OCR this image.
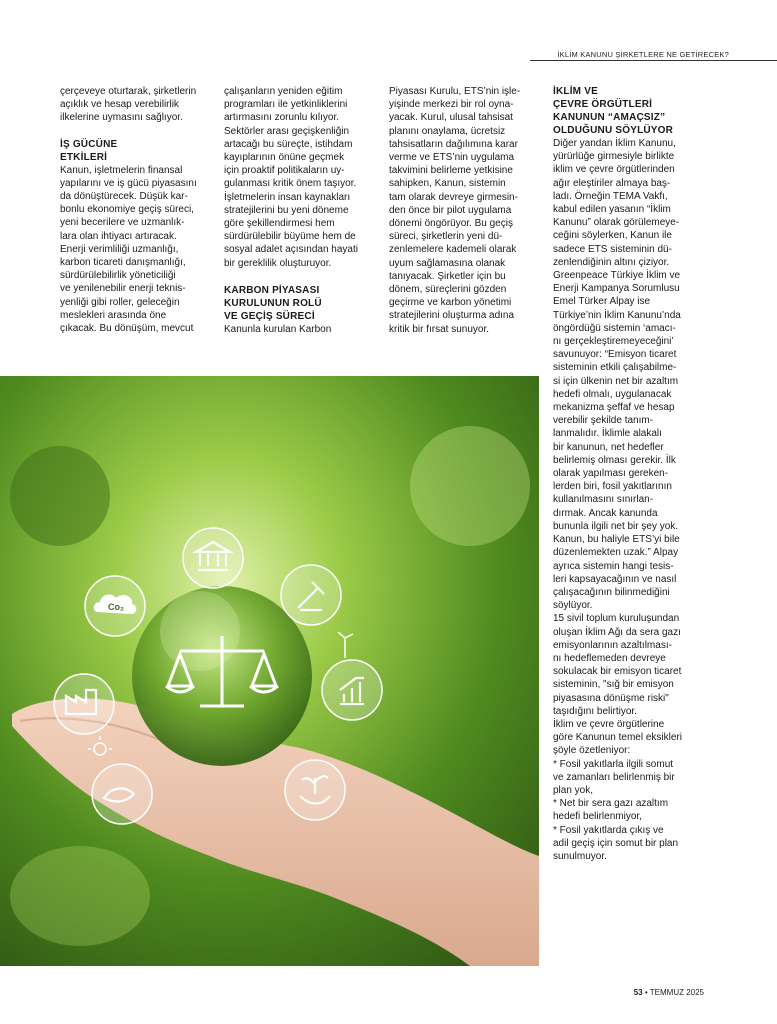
İKLİM KANUNU ŞİRKETLERE NE GETİRECEK?

çerçeveye oturtarak, şirketlerin

açıklık ve hesap verebilirlik

ilkelerine uymasını sağlıyor.

İŞ GÜCÜNE

ETKİLERİ

Kanun, işletmelerin finansal

yapılarını ve iş gücü piyasasını

da dönüştürecek. Düşük kar-

bonlu ekonomiye geçiş süreci,

yeni becerilere ve uzmanlık-

lara olan ihtiyacı artıracak.

Enerji verimliliği uzmanlığı,

karbon ticareti danışmanlığı,

sürdürülebilirlik yöneticiliği

ve yenilenebilir enerji teknis-

yenliği gibi roller, geleceğin

meslekleri arasında öne

çıkacak. Bu dönüşüm, mevcut

çalışanların yeniden eğitim

programları ile yetkinliklerini

artırmasını zorunlu kılıyor.

Sektörler arası geçişkenliğin

artacağı bu süreçte, istihdam

kayıplarının önüne geçmek

için proaktif politikaların uy-

gulanması kritik önem taşıyor.

İşletmelerin insan kaynakları

stratejilerini bu yeni döneme

göre şekillendirmesi hem

sürdürülebilir büyüme hem de

sosyal adalet açısından hayati

bir gereklilik oluşturuyor.

KARBON PİYASASI

KURULUNUN ROLÜ

VE GEÇİŞ SÜRECİ

Kanunla kurulan Karbon

Piyasası Kurulu, ETS’nin işle-

yişinde merkezi bir rol oyna-

yacak. Kurul, ulusal tahsisat

planını onaylama, ücretsiz

tahsisatların dağılımına karar

verme ve ETS’nin uygulama

takvimini belirleme yetkisine

sahipken, Kanun, sistemin

tam olarak devreye girmesin-

den önce bir pilot uygulama

dönemi öngörüyor. Bu geçiş

süreci, şirketlerin yeni dü-

zenlemelere kademeli olarak

uyum sağlamasına olanak

tanıyacak. Şirketler için bu

dönem, süreçlerini gözden

geçirme ve karbon yönetimi

stratejilerini oluşturma adına

kritik bir fırsat sunuyor.

İKLİM VE

ÇEVRE ÖRGÜTLERİ

KANUNUN “AMAÇSIZ”

OLDUĞUNU SÖYLÜYOR

Diğer yandan İklim Kanunu,

yürürlüğe girmesiyle birlikte

iklim ve çevre örgütlerinden

ağır eleştiriler almaya baş-

ladı. Örneğin TEMA Vakfı,

kabul edilen yasanın “İklim

Kanunu” olarak görülemeye-

ceğini söylerken, Kanun ile

sadece ETS sisteminin dü-

zenlendiğinin altını çiziyor.

Greenpeace Türkiye İklim ve

Enerji Kampanya Sorumlusu

Emel Türker Alpay ise

Türkiye’nin İklim Kanunu’nda

öngördüğü sistemin ‘amacı-

nı gerçekleştiremeyeceğini’

savunuyor: “Emisyon ticaret

sisteminin etkili çalışabilme-

si için ülkenin net bir azaltım

hedefi olmalı, uygulanacak

mekanizma şeffaf ve hesap

verebilir şekilde tanım-

lanmalıdır. İklimle alakalı

bir kanunun, net hedefler

belirlemiş olması gerekir. İlk

olarak yapılması gereken-

lerden biri, fosil yakıtlarının

kullanılmasını sınırlan-

dırmak. Ancak kanunda

bununla ilgili net bir şey yok.

Kanun, bu haliyle ETS’yi bile

düzenlemekten uzak.” Alpay

ayrıca sistemin hangi tesis-

leri kapsayacağının ve nasıl

çalışacağının bilinmediğini

söylüyor.

15 sivil toplum kuruluşundan

oluşan İklim Ağı da sera gazı

emisyonlarının azaltılması-

nı hedeflemeden devreye

sokulacak bir emisyon ticaret

sisteminin, "sığ bir emisyon

piyasasına dönüşme riski"

taşıdığını belirtiyor.

İklim ve çevre örgütlerine

göre Kanunun temel eksikleri

şöyle özetleniyor:

* Fosil yakıtlarla ilgili somut

ve zamanları belirlenmiş bir

plan yok,

* Net bir sera gazı azaltım

hedefi belirlenmiyor,

* Fosil yakıtlarda çıkış ve

adil geçiş için somut bir plan

sunulmuyor.

Co₂
53 • TEMMUZ 2025
